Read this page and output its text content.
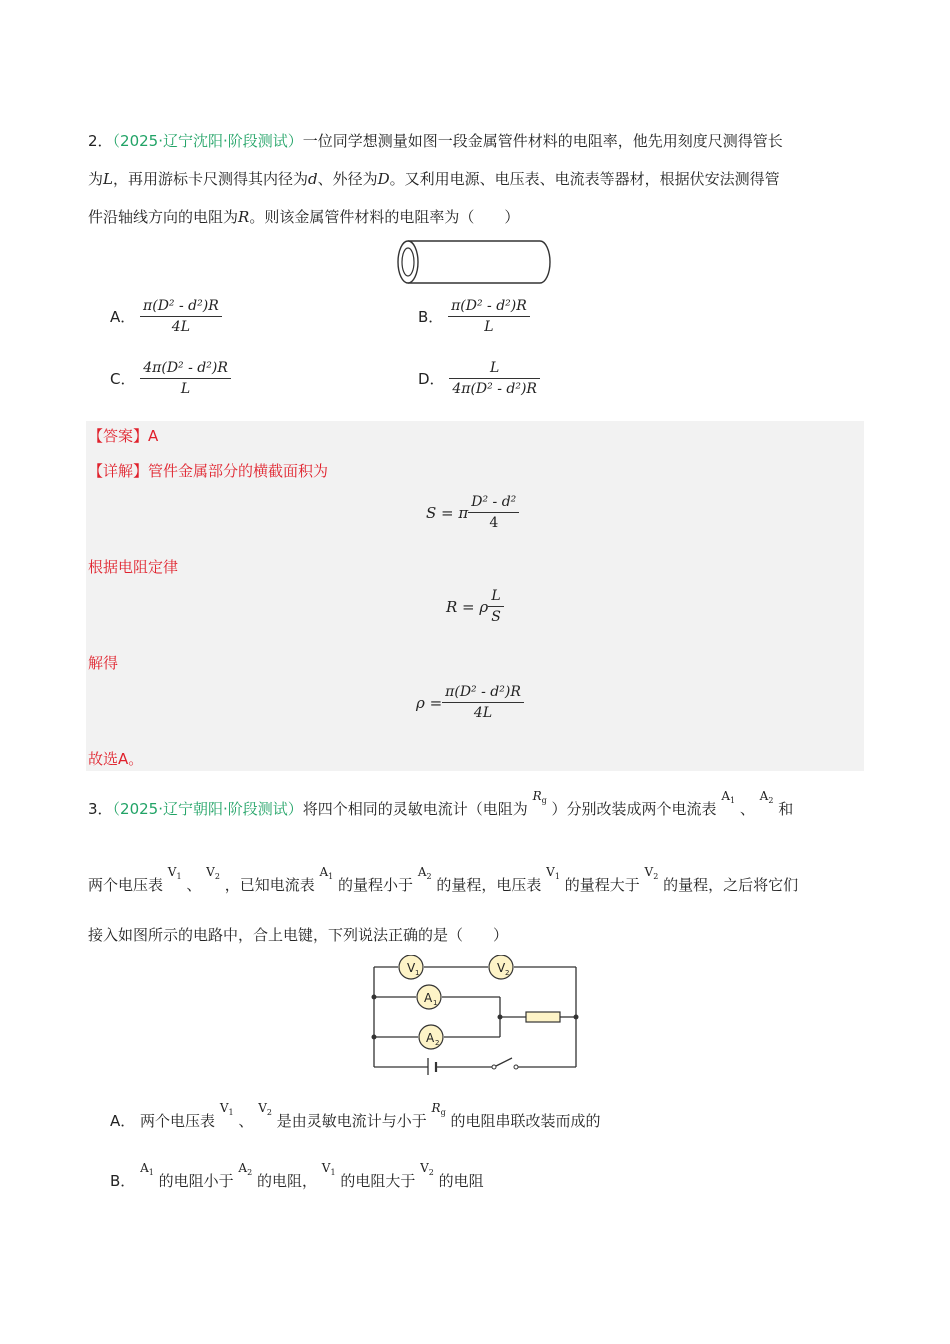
2．（2025·辽宁沈阳·阶段测试）一位同学想测量如图一段金属管件材料的电阻率，他先用刻度尺测得管长
为L，再用游标卡尺测得其内径为d、外径为D。又利用电源、电压表、电流表等器材，根据伏安法测得管
件沿轴线方向的电阻为R。则该金属管件材料的电阻率为（　　）
A． $\frac{\text{π(D² - d²)R}}{4L}$	B． $\frac{\text{π(D² - d²)R}}{L}$
C． $\frac{\text{4π(D² - d²)R}}{L}$	D． $\frac{L}{\text{4π(D² - d²)R}}$
【答案】A
【详解】管件金属部分的横截面积为
S = π $\frac{\text{D² - d²}}{4}$
根据电阻定律
R = ρ $\frac{L}{S}$
解得
$\rho = \frac{\text{π(D² - d²)R}}{4L}$
故选A。
3．（2025·辽宁朝阳·阶段测试）将四个相同的灵敏电流计（电阻为 $R_g$ ）分别改装成两个电流表 $A_1$ 、 $A_2$ 和
两个电压表 $V_1$ 、 $V_2$ ，已知电流表 $A_1$ 的量程小于 $A_2$ 的量程，电压表 $V_1$ 的量程大于 $V_2$ 的量程，之后将它们
接入如图所示的电路中，合上电键，下列说法正确的是（　　）
V 1	V 2
A 1
A 2
A． 两个电压表 $V_1$ 、 $V_2$ 是由灵敏电流计与小于 $R_g$ 的电阻串联改装而成的
B． $A_1$ 的电阻小于 $A_2$ 的电阻， $V_1$ 的电阻大于 $V_2$ 的电阻
